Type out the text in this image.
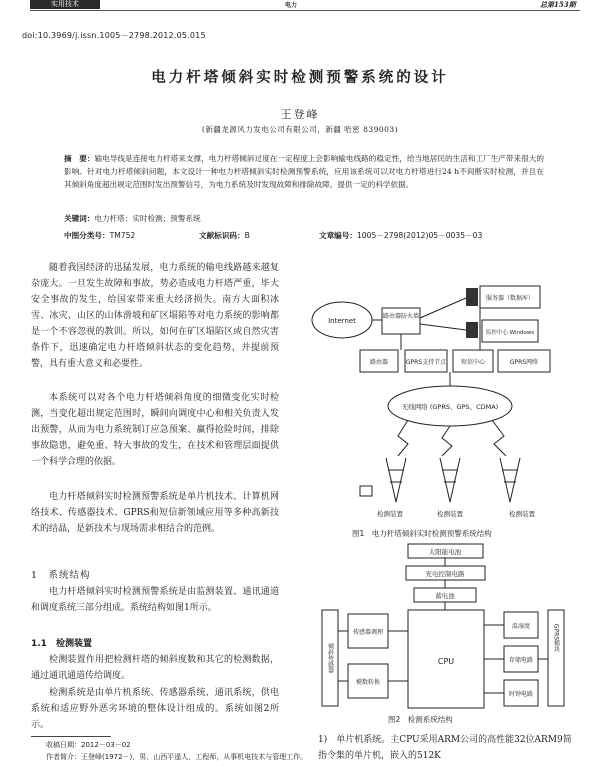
实用技术	电力	总第153期
doi:10.3969/j.issn.1005－2798.2012.05.015
电力杆塔倾斜实时检测预警系统的设计
王登峰
(新疆龙源风力发电公司有限公司，新疆 哈密 839003)
摘　要：输电导线是连接电力杆塔来支撑，电力杆塔倾斜过度在一定程度上会影响输电线路的稳定性，给当地居民的生活和工厂生产带来很大的影响。针对电力杆塔倾斜问题，本文设计一种电力杆塔倾斜实时检测预警系统，应用该系统可以对电力杆塔进行24 h不间断实时检测，并且在其倾斜角度超出规定范围时发出预警信号，为电力系统及时发现故障和排除故障，提供一定的科学依据。
关键词：电力杆塔；实时检测；预警系统
中图分类号：TM752	文献标识码：B	文章编号：1005－2798(2012)05－0035－03
随着我国经济的迅猛发展，电力系统的输电线路越来越复杂庞大。一旦发生故障和事故，势必造成电力杆塔严重，毕大安全事故的发生，给国家带来重大经济损失。南方大面积冰雪、冰灾、山区的山体滑坡和矿区塌陷等对电力系统的影响都是一个不容忽视的教训。所以，如何在矿区塌陷区或自然灾害条件下，迅速确定电力杆塔倾斜状态的变化趋势，并提前预警，具有重大意义和必要性。
本系统可以对各个电力杆塔倾斜角度的细微变化实时检测，当变化超出规定范围时，瞬间向调度中心和相关负责人发出预警，从而为电力系统制订应急预案、赢得抢险时间，排除事故隐患，避免重、特大事故的发生，在技术和管理层面提供一个科学合理的依据。
电力杆塔倾斜实时检测预警系统是单片机技术、计算机网络技术、传感器技术、GPRS和短信新领域应用等多种高新技术的结晶，是新技术与现场需求相结合的范例。
1　系统结构
电力杆塔倾斜实时检测预警系统是由监测装置、通讯通道和调度系统三部分组成。系统结构如图1所示。
1.1　检测装置
检测装置作用把检测杆塔的倾斜度数和其它的检测数据，通过通讯通道传给调度。
检测系统是由单片机系统、传感器系统、通讯系统，供电系统和适应野外恶劣环境的整体设计组成的。系统如图2所示。
收稿日期：2012－03－02
作者简介：王登峰(1972－)，男，山西平遥人，工程师，从事机电技术与管理工作。
Internet
路由器防火墙
服务器（数据库）
监控中心 Windows
路由器	GPRS支持节点 短信中心	GPRS网络
无线网络 (GPRS、GPS、CDMA)
检测装置	检测装置	检测装置
图1　电力杆塔倾斜实时检测预警系统结构
太阳能电池
充电控制电路
蓄电池
CPU
倾斜传感器
传感器调理
模数转换
温湿度
存储电路
时钟电路
GPRS模块
图2　检测系统结构
1)　单片机系统。主CPU采用ARM公司的高性能32位ARM9简指令集的单片机，嵌入的512K
